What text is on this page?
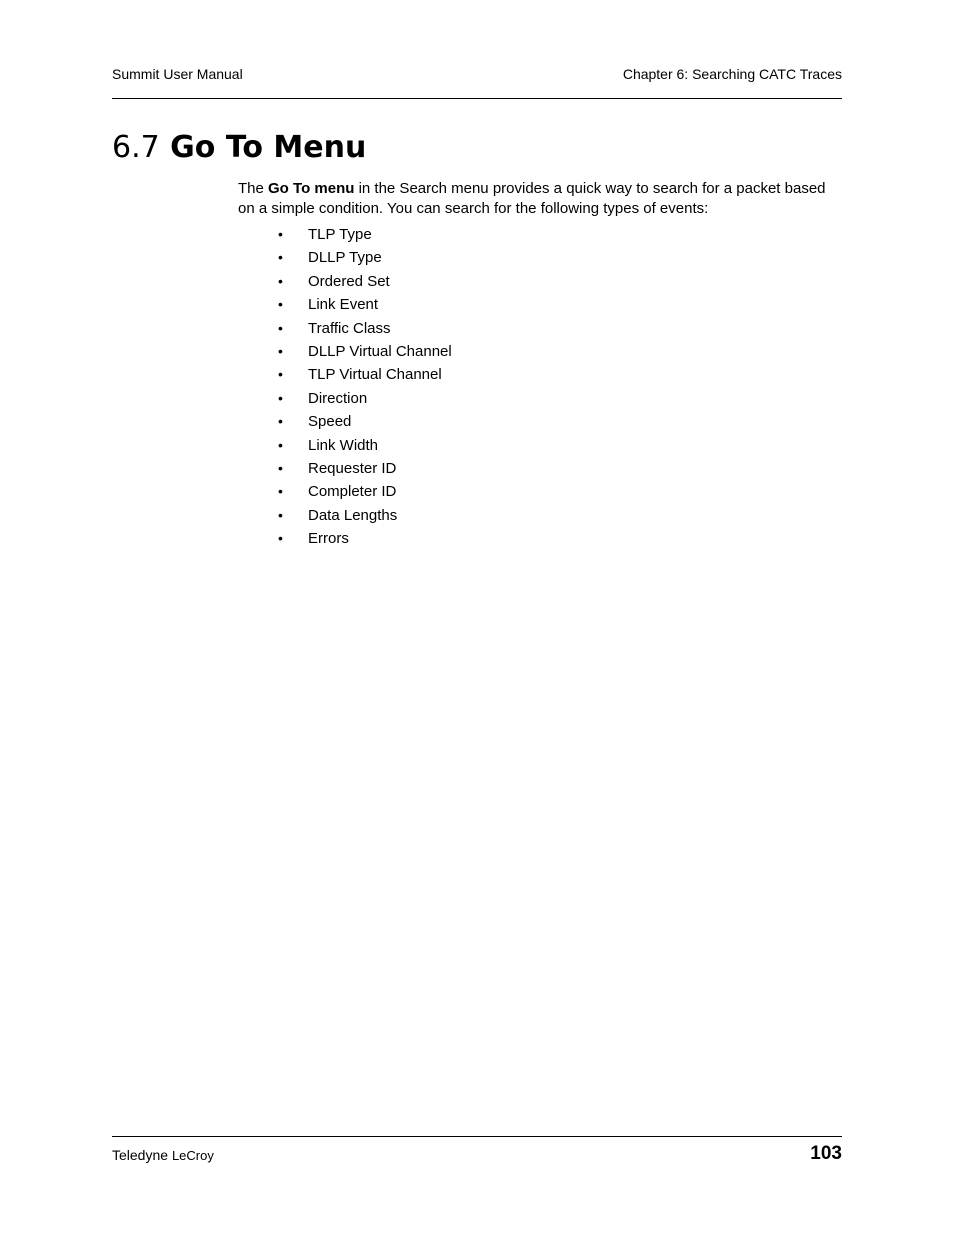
Summit User Manual	Chapter 6: Searching CATC Traces
6.7 Go To Menu

The Go To menu in the Search menu provides a quick way to search for a packet based on a simple condition. You can search for the following types of events:

•	TLP Type
•	DLLP Type
•	Ordered Set
•	Link Event
•	Traffic Class
•	DLLP Virtual Channel
•	TLP Virtual Channel
•	Direction
•	Speed
•	Link Width
•	Requester ID
•	Completer ID
•	Data Lengths
•	Errors
Teledyne LeCroy	103
